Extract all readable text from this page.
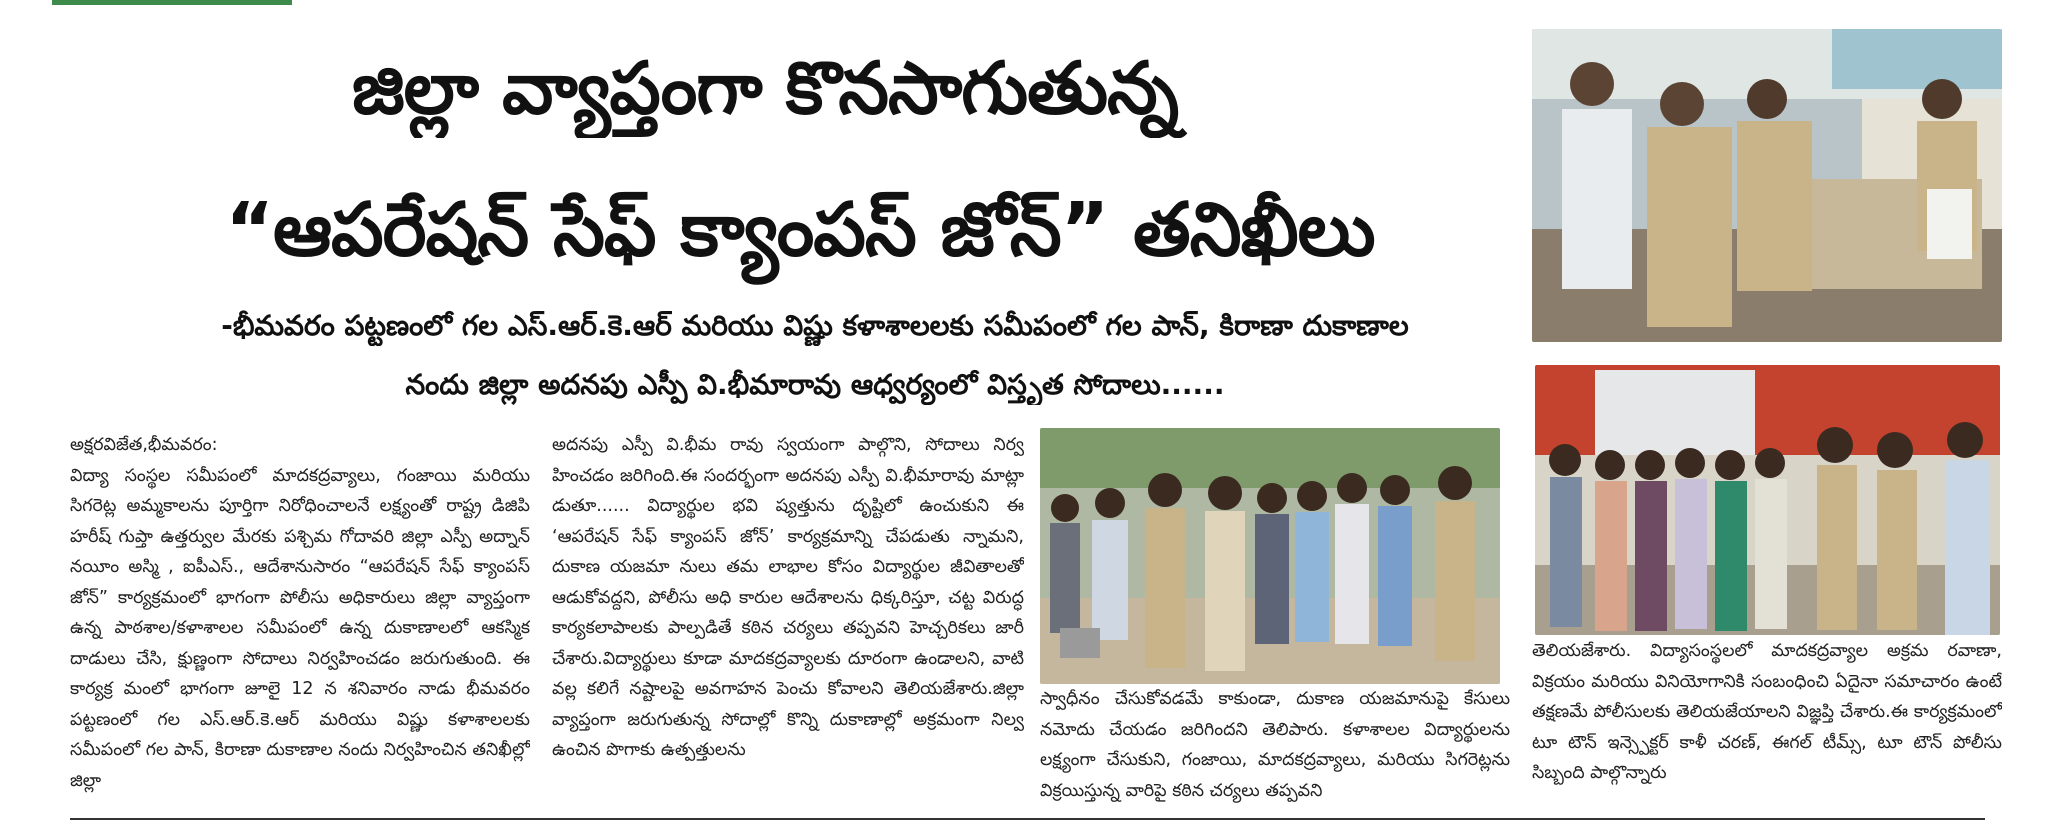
జిల్లా వ్యాప్తంగా కొనసాగుతున్న
“ఆపరేషన్ సేఫ్ క్యాంపస్ జోన్” తనిఖీలు
-భీమవరం పట్టణంలో గల ఎస్.ఆర్.కె.ఆర్ మరియు విష్ణు కళాశాలలకు సమీపంలో గల పాన్, కిరాణా దుకాణాల
నందు జిల్లా అదనపు ఎస్పీ వి.భీమారావు ఆధ్వర్యంలో విస్తృత సోదాలు......
అక్షరవిజేత,భీమవరం:

విద్యా సంస్థల సమీపంలో మాదకద్రవ్యాలు, గంజాయి మరియు సిగరెట్ల అమ్మకాలను పూర్తిగా నిరోధించాలనే లక్ష్యంతో రాష్ట్ర డిజిపి హరీష్ గుప్తా ఉత్తర్వుల మేరకు పశ్చిమ గోదావరి జిల్లా ఎస్పీ అద్నాన్ నయీం అస్మి , ఐపీఎస్., ఆదేశానుసారం “ఆపరేషన్ సేఫ్ క్యాంపస్ జోన్” కార్యక్రమంలో భాగంగా పోలీసు అధికారులు జిల్లా వ్యాప్తంగా ఉన్న పాఠశాల/కళాశాలల సమీపంలో ఉన్న దుకాణాలలో ఆకస్మిక దాడులు చేసి, క్షుణ్ణంగా సోదాలు నిర్వహించడం జరుగుతుంది. ఈ కార్యక్ర మంలో భాగంగా జూలై 12 న శనివారం నాడు భీమవరం పట్టణంలో గల ఎస్.ఆర్.కె.ఆర్ మరియు విష్ణు కళాశాలలకు సమీపంలో గల పాన్, కిరాణా దుకాణాల నందు నిర్వహించిన తనిఖీల్లో జిల్లా

అదనపు ఎస్పీ వి.భీమ రావు స్వయంగా పాల్గొని, సోదాలు నిర్వ హించడం జరిగింది.ఈ సందర్భంగా అదనపు ఎస్పీ వి.భీమారావు మాట్లా డుతూ...... విద్యార్థుల భవి ష్యత్తును దృష్టిలో ఉంచుకుని ఈ ‘ఆపరేషన్ సేఫ్ క్యాంపస్ జోన్’ కార్యక్రమాన్ని చేపడుతు న్నామని, దుకాణ యజమా నులు తమ లాభాల కోసం విద్యార్థుల జీవితాలతో ఆడుకోవద్దని, పోలీసు అధి కారుల ఆదేశాలను ధిక్కరిస్తూ, చట్ట విరుద్ధ కార్యకలాపాలకు పాల్పడితే కఠిన చర్యలు తప్పవని హెచ్చరికలు జారీ చేశారు.విద్యార్థులు కూడా మాదకద్రవ్యాలకు దూరంగా ఉండాలని, వాటి వల్ల కలిగే నష్టాలపై అవగాహన పెంచు కోవాలని తెలియజేశారు.జిల్లా వ్యాప్తంగా జరుగుతున్న సోదాల్లో కొన్ని దుకాణాల్లో అక్రమంగా నిల్వ ఉంచిన పొగాకు ఉత్పత్తులను

స్వాధీనం చేసుకోవడమే కాకుండా, దుకాణ యజమానుపై కేసులు నమోదు చేయడం జరిగిందని తెలిపారు. కళాశాలల విద్యార్థులను లక్ష్యంగా చేసుకుని, గంజాయి, మాదకద్రవ్యాలు, మరియు సిగరెట్లను విక్రయిస్తున్న వారిపై కఠిన చర్యలు తప్పవని

తెలియజేశారు. విద్యాసంస్థలలో మాదకద్రవ్యాల అక్రమ రవాణా, విక్రయం మరియు వినియోగానికి సంబంధించి ఏదైనా సమాచారం ఉంటే తక్షణమే పోలీసులకు తెలియజేయాలని విజ్ఞప్తి చేశారు.ఈ కార్యక్రమంలో టూ టౌన్ ఇన్స్పెక్టర్ కాళీ చరణ్, ఈగల్ టీమ్స్, టూ టౌన్ పోలీసు సిబ్బంది పాల్గొన్నారు
